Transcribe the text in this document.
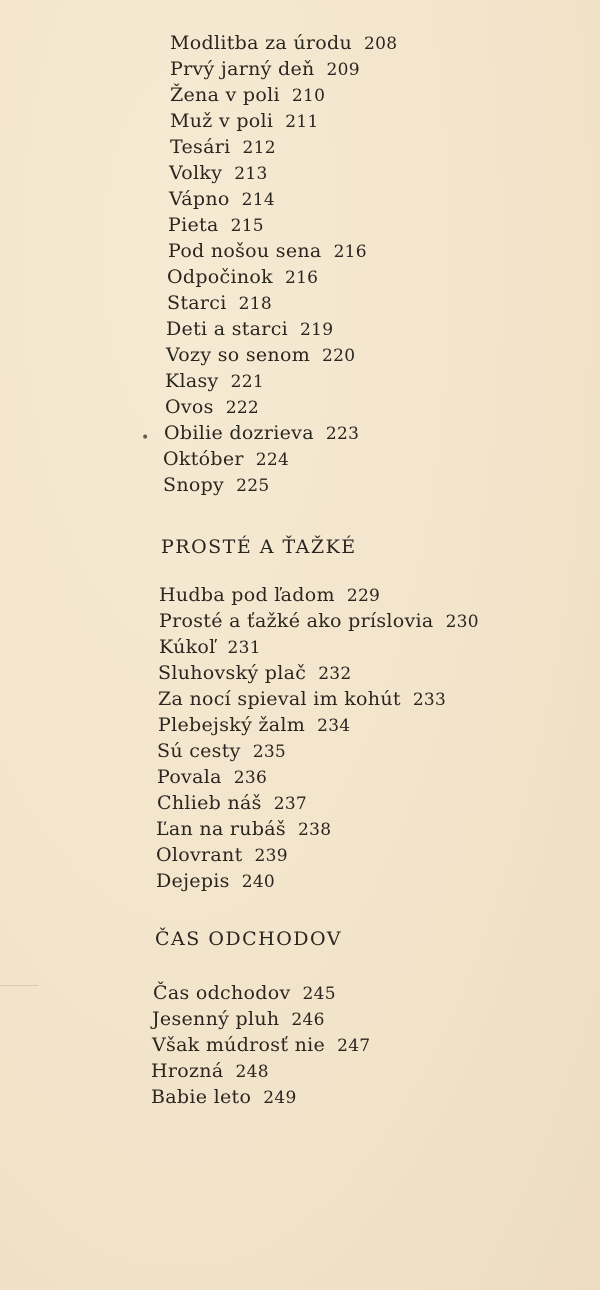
•
Modlitba za úrodu 208
Prvý jarný deň 209
Žena v poli 210
Muž v poli 211
Tesári 212
Volky 213
Vápno 214
Pieta 215
Pod nošou sena 216
Odpočinok 216
Starci 218
Deti a starci 219
Vozy so senom 220
Klasy 221
Ovos 222
Obilie dozrieva 223
Október 224
Snopy 225
PROSTÉ A ŤAŽKÉ
Hudba pod ľadom 229
Prosté a ťažké ako príslovia 230
Kúkoľ 231
Sluhovský plač 232
Za nocí spieval im kohút 233
Plebejský žalm 234
Sú cesty 235
Povala 236
Chlieb náš 237
Ľan na rubáš 238
Olovrant 239
Dejepis 240
ČAS ODCHODOV
Čas odchodov 245
Jesenný pluh 246
Však múdrosť nie 247
Hrozná 248
Babie leto 249
